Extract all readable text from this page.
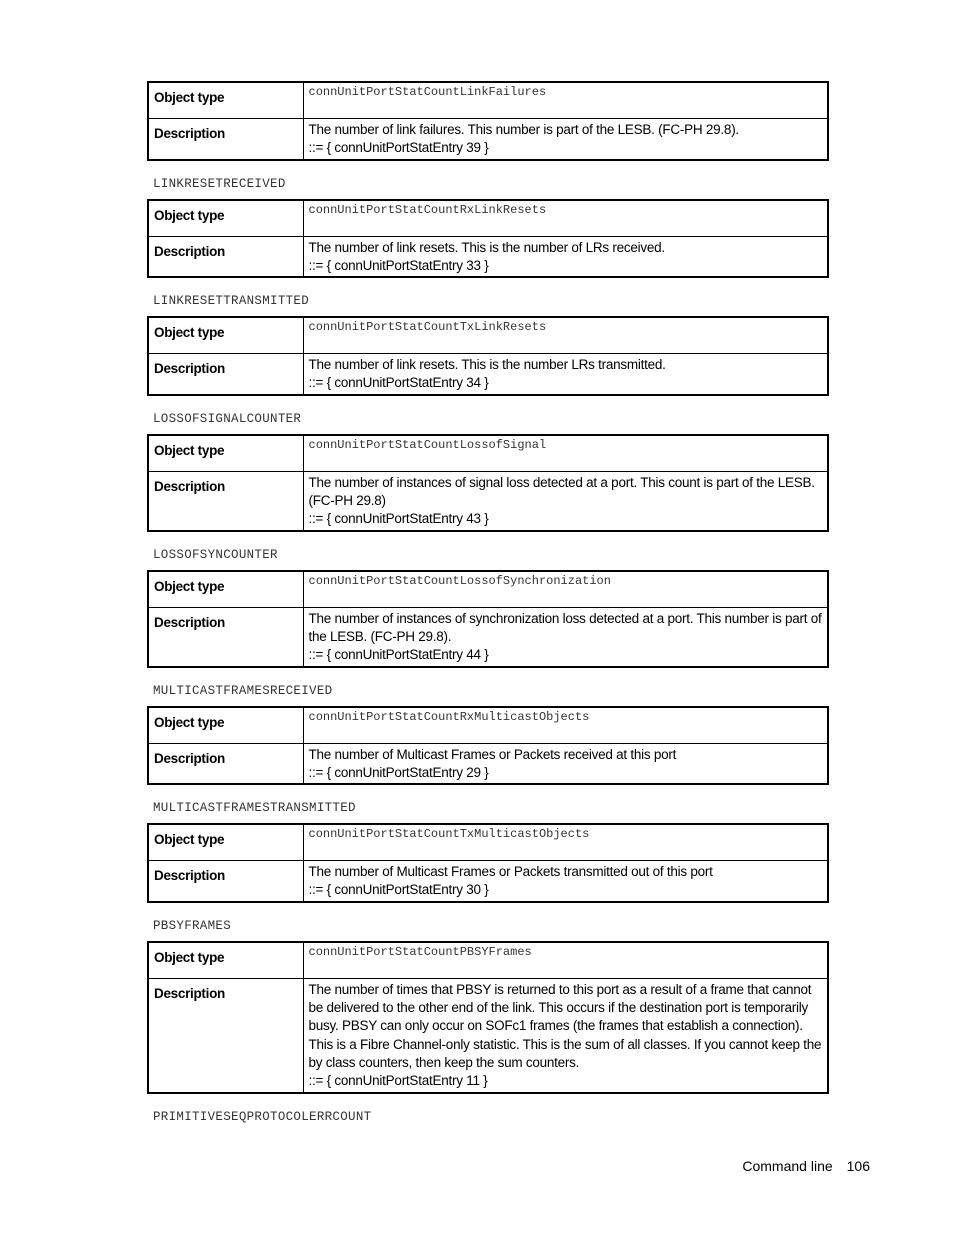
Object type	connUnitPortStatCountLinkFailures
Description	The number of link failures. This number is part of the LESB. (FC-PH 29.8).
::= { connUnitPortStatEntry 39 }
LINKRESETRECEIVED
Object type	connUnitPortStatCountRxLinkResets
Description	The number of link resets. This is the number of LRs received.
::= { connUnitPortStatEntry 33 }
LINKRESETTRANSMITTED
Object type	connUnitPortStatCountTxLinkResets
Description	The number of link resets. This is the number LRs transmitted.
::= { connUnitPortStatEntry 34 }
LOSSOFSIGNALCOUNTER
Object type	connUnitPortStatCountLossofSignal
Description	The number of instances of signal loss detected at a port. This count is part of the LESB. (FC-PH 29.8)
::= { connUnitPortStatEntry 43 }
LOSSOFSYNCOUNTER
Object type	connUnitPortStatCountLossofSynchronization
Description	The number of instances of synchronization loss detected at a port. This number is part of the LESB. (FC-PH 29.8).
::= { connUnitPortStatEntry 44 }
MULTICASTFRAMESRECEIVED
Object type	connUnitPortStatCountRxMulticastObjects
Description	The number of Multicast Frames or Packets received at this port
::= { connUnitPortStatEntry 29 }
MULTICASTFRAMESTRANSMITTED
Object type	connUnitPortStatCountTxMulticastObjects
Description	The number of Multicast Frames or Packets transmitted out of this port
::= { connUnitPortStatEntry 30 }
PBSYFRAMES
Object type	connUnitPortStatCountPBSYFrames
Description	The number of times that PBSY is returned to this port as a result of a frame that cannot be delivered to the other end of the link. This occurs if the destination port is temporarily busy. PBSY can only occur on SOFc1 frames (the frames that establish a connection). This is a Fibre Channel-only statistic. This is the sum of all classes. If you cannot keep the by class counters, then keep the sum counters.
::= { connUnitPortStatEntry 11 }
PRIMITIVESEQPROTOCOLERRCOUNT
Command line 106
